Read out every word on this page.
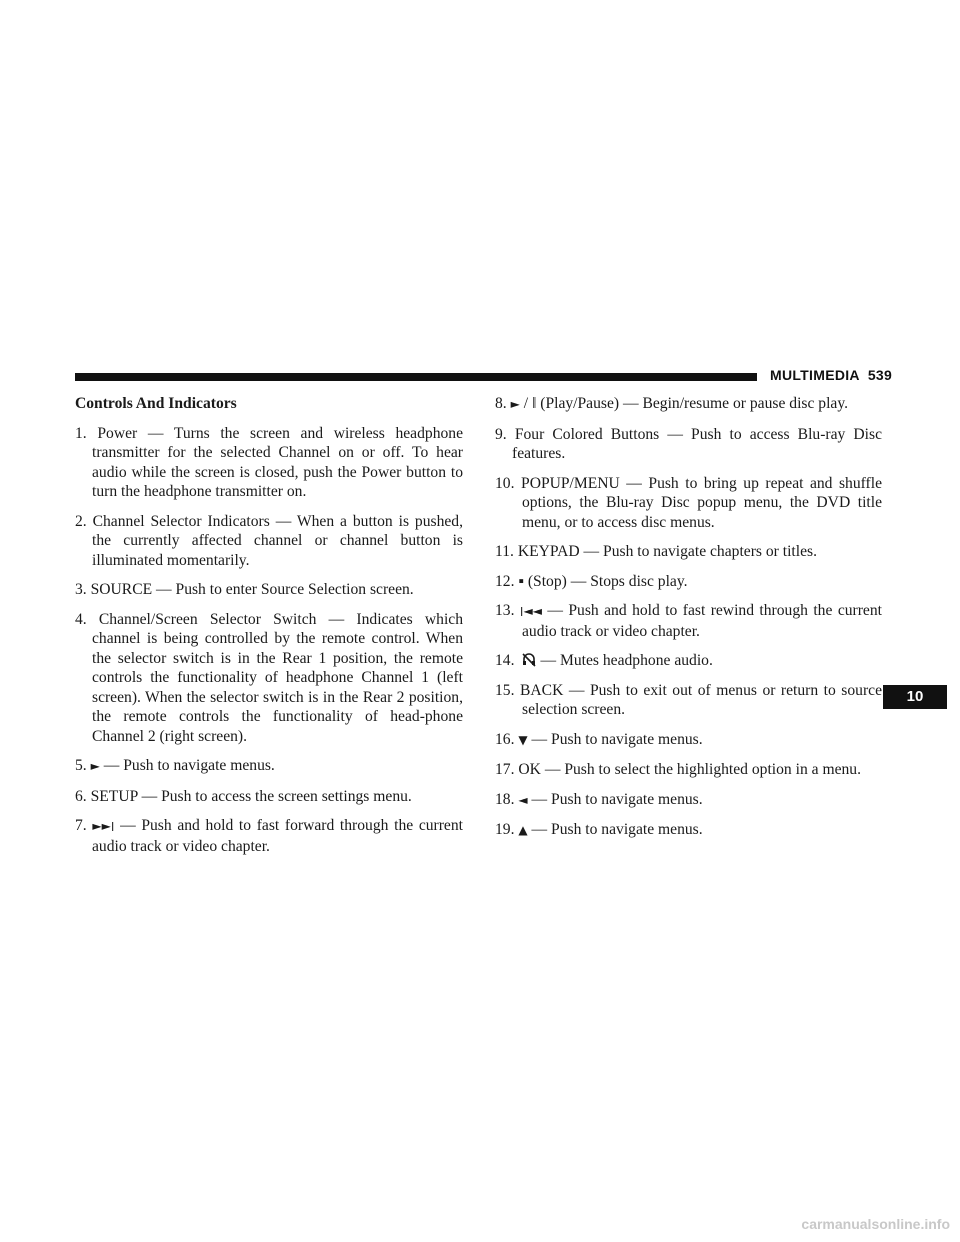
MULTIMEDIA 539
Controls And Indicators
1. Power — Turns the screen and wireless headphone transmitter for the selected Channel on or off. To hear audio while the screen is closed, push the Power button to turn the headphone transmitter on.
2. Channel Selector Indicators — When a button is pushed, the currently affected channel or channel button is illuminated momentarily.
3. SOURCE — Push to enter Source Selection screen.
4. Channel/Screen Selector Switch — Indicates which channel is being controlled by the remote control. When the selector switch is in the Rear 1 position, the remote controls the functionality of headphone Channel 1 (left screen). When the selector switch is in the Rear 2 position, the remote controls the functionality of head-phone Channel 2 (right screen).
5. ► — Push to navigate menus.
6. SETUP — Push to access the screen settings menu.
7. ►►׀ — Push and hold to fast forward through the current audio track or video chapter.
8. ► / ‖ (Play/Pause) — Begin/resume or pause disc play.
9. Four Colored Buttons — Push to access Blu-ray Disc features.
10. POPUP/MENU — Push to bring up repeat and shuffle options, the Blu-ray Disc popup menu, the DVD title menu, or to access disc menus.
11. KEYPAD — Push to navigate chapters or titles.
12. ▪ (Stop) — Stops disc play.
13. ׀◄◄ — Push and hold to fast rewind through the current audio track or video chapter.
14. — Mutes headphone audio.
15. BACK — Push to exit out of menus or return to source selection screen.
16. ▼ — Push to navigate menus.
17. OK — Push to select the highlighted option in a menu.
18. ◄ — Push to navigate menus.
19. ▲ — Push to navigate menus.
10
carmanualsonline.info
